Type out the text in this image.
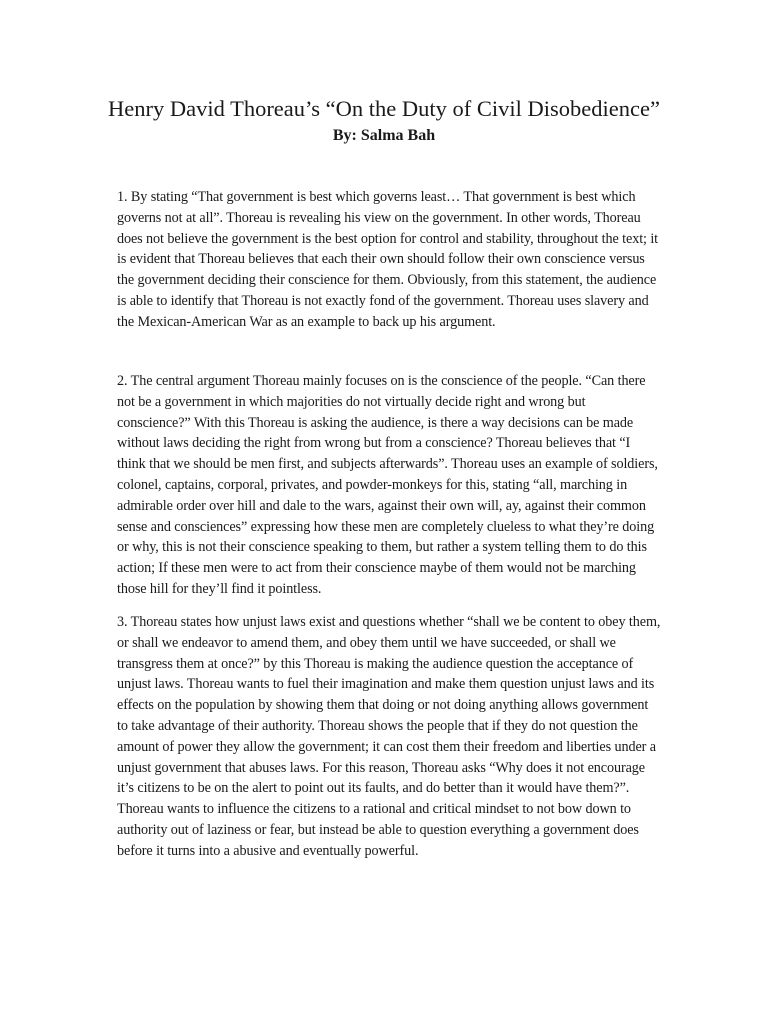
Henry David Thoreau’s “On the Duty of Civil Disobedience”
By: Salma Bah
1. By stating “That government is best which governs least… That government is best which
governs not at all”. Thoreau is revealing his view on the government. In other words, Thoreau
does not believe the government is the best option for control and stability, throughout the text; it
is evident that Thoreau believes that each their own should follow their own conscience versus
the government deciding their conscience for them. Obviously, from this statement, the audience
is able to identify that Thoreau is not exactly fond of the government. Thoreau uses slavery and
the Mexican-American War as an example to back up his argument.
2. The central argument Thoreau mainly focuses on is the conscience of the people. “Can there
not be a government in which majorities do not virtually decide right and wrong but
conscience?” With this Thoreau is asking the audience, is there a way decisions can be made
without laws deciding the right from wrong but from a conscience? Thoreau believes that “I
think that we should be men first, and subjects afterwards”. Thoreau uses an example of soldiers,
colonel, captains, corporal, privates, and powder-monkeys for this, stating “all, marching in
admirable order over hill and dale to the wars, against their own will, ay, against their common
sense and consciences” expressing how these men are completely clueless to what they’re doing
or why, this is not their conscience speaking to them, but rather a system telling them to do this
action; If these men were to act from their conscience maybe of them would not be marching
those hill for they’ll find it pointless.
3. Thoreau states how unjust laws exist and questions whether “shall we be content to obey them,
or shall we endeavor to amend them, and obey them until we have succeeded, or shall we
transgress them at once?” by this Thoreau is making the audience question the acceptance of
unjust laws. Thoreau wants to fuel their imagination and make them question unjust laws and its
effects on the population by showing them that doing or not doing anything allows government
to take advantage of their authority. Thoreau shows the people that if they do not question the
amount of power they allow the government; it can cost them their freedom and liberties under a
unjust government that abuses laws. For this reason, Thoreau asks “Why does it not encourage
it’s citizens to be on the alert to point out its faults, and do better than it would have them?”.
Thoreau wants to influence the citizens to a rational and critical mindset to not bow down to
authority out of laziness or fear, but instead be able to question everything a government does
before it turns into a abusive and eventually powerful.
